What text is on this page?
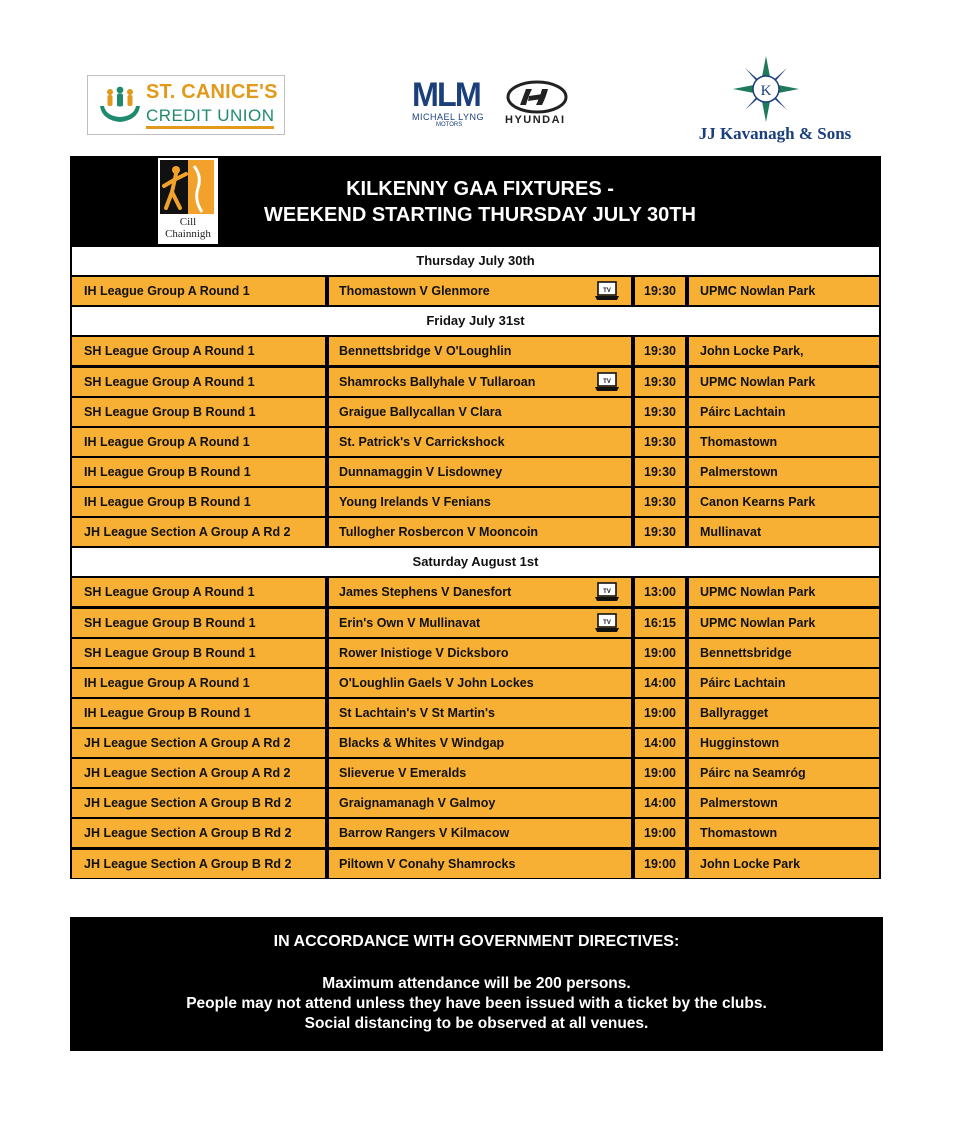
ST. CANICE'S
CREDIT UNION
MLM
MICHAEL LYNG
MOTORS	HYUNDAI
K
JJ Kavanagh & Sons
Cill
Chainnigh
KILKENNY GAA FIXTURES -
WEEKEND STARTING THURSDAY JULY 30TH
Thursday July 30th
IH League Group A Round 1	Thomastown V Glenmore	TV	19:30	UPMC Nowlan Park
Friday July 31st
SH League Group A Round 1	Bennettsbridge V O'Loughlin	19:30	John Locke Park,
SH League Group A Round 1	Shamrocks Ballyhale V Tullaroan	TV	19:30	UPMC Nowlan Park
SH League Group B Round 1	Graigue Ballycallan V Clara	19:30	Páirc Lachtain
IH League Group A Round 1	St. Patrick's V Carrickshock	19:30	Thomastown
IH League Group B Round 1	Dunnamaggin V Lisdowney	19:30	Palmerstown
IH League Group B Round 1	Young Irelands V Fenians	19:30	Canon Kearns Park
JH League Section A Group A Rd 2	Tullogher Rosbercon V Mooncoin	19:30	Mullinavat
Saturday August 1st
SH League Group A Round 1	James Stephens V Danesfort	TV	13:00	UPMC Nowlan Park
SH League Group B Round 1	Erin's Own V Mullinavat	TV	16:15	UPMC Nowlan Park
SH League Group B Round 1	Rower Inistioge V Dicksboro	19:00	Bennettsbridge
IH League Group A Round 1	O'Loughlin Gaels V John Lockes	14:00	Páirc Lachtain
IH League Group B Round 1	St Lachtain's V St Martin's	19:00	Ballyragget
JH League Section A Group A Rd 2	Blacks & Whites V Windgap	14:00	Hugginstown
JH League Section A Group A Rd 2	Slieverue V Emeralds	19:00	Páirc na Seamróg
JH League Section A Group B Rd 2	Graignamanagh V Galmoy	14:00	Palmerstown
JH League Section A Group B Rd 2	Barrow Rangers V Kilmacow	19:00	Thomastown
JH League Section A Group B Rd 2	Piltown V Conahy Shamrocks	19:00	John Locke Park
IN ACCORDANCE WITH GOVERNMENT DIRECTIVES:
Maximum attendance will be 200 persons.
People may not attend unless they have been issued with a ticket by the clubs.
Social distancing to be observed at all venues.
